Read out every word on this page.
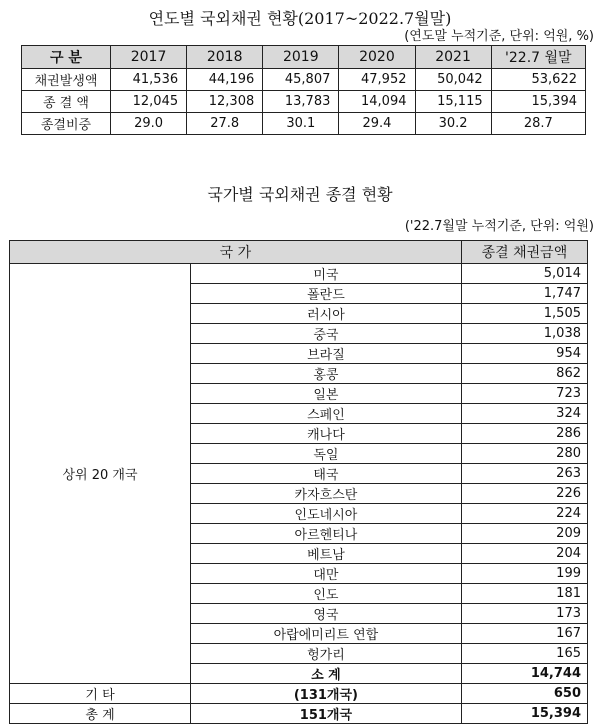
연도별 국외채권 현황(2017~2022.7월말)
(연도말 누적기준, 단위: 억원, %)
구 분	2017	2018	2019	2020	2021	'22.7 월말
채권발생액	41,536	44,196	45,807	47,952	50,042	53,622
종 결 액	12,045	12,308	13,783	14,094	15,115	15,394
종결비중	29.0	27.8	30.1	29.4	30.2	28.7
국가별 국외채권 종결 현황
('22.7월말 누적기준, 단위: 억원)
국 가		종결 채권금액
상위 20 개국	미국	5,014
	폴란드	1,747
	러시아	1,505
	중국	1,038
	브라질	954
	홍콩	862
	일본	723
	스페인	324
	캐나다	286
	독일	280
	태국	263
	카자흐스탄	226
	인도네시아	224
	아르헨티나	209
	베트남	204
	대만	199
	인도	181
	영국	173
	아랍에미리트 연합	167
	헝가리	165
	소 계	14,744
기 타	(131개국)	650
총 계	151개국	15,394
